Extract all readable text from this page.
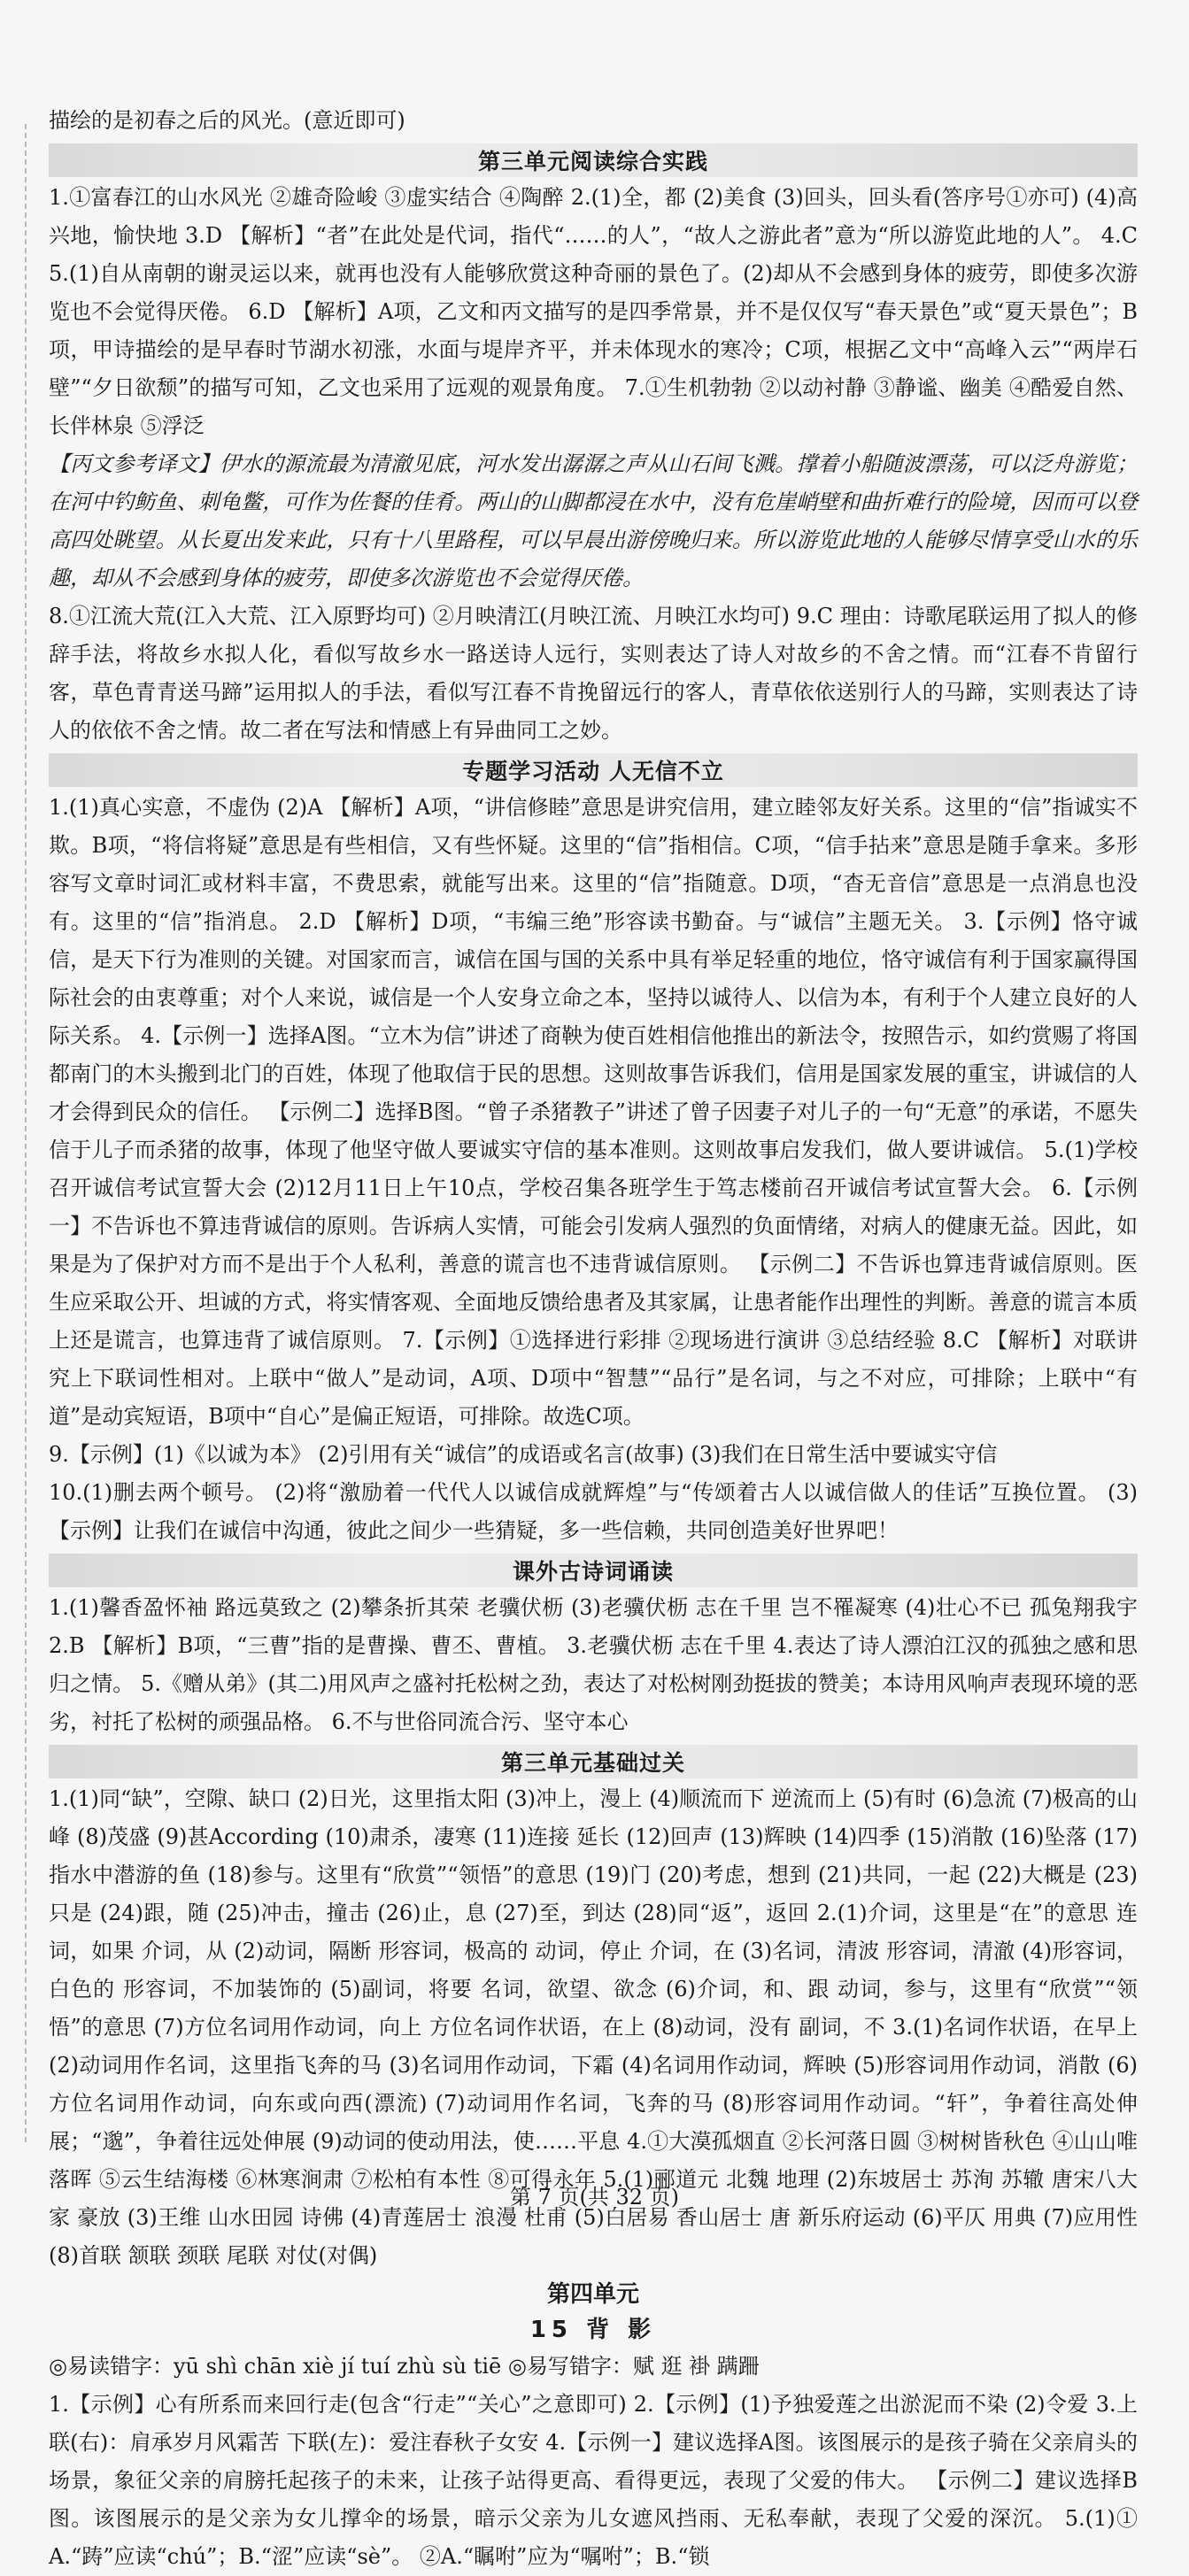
描绘的是初春之后的风光。(意近即可)

第三单元阅读综合实践

1.①富春江的山水风光 ②雄奇险峻 ③虚实结合 ④陶醉 2.(1)全，都 (2)美食 (3)回头，回头看(答序号①亦可) (4)高兴地，愉快地 3.D 【解析】“者”在此处是代词，指代“……的人”，“故人之游此者”意为“所以游览此地的人”。 4.C 5.(1)自从南朝的谢灵运以来，就再也没有人能够欣赏这种奇丽的景色了。(2)却从不会感到身体的疲劳，即使多次游览也不会觉得厌倦。 6.D 【解析】A项，乙文和丙文描写的是四季常景，并不是仅仅写“春天景色”或“夏天景色”；B项，甲诗描绘的是早春时节湖水初涨，水面与堤岸齐平，并未体现水的寒冷；C项，根据乙文中“高峰入云”“两岸石壁”“夕日欲颓”的描写可知，乙文也采用了远观的观景角度。 7.①生机勃勃 ②以动衬静 ③静谧、幽美 ④酷爱自然、长伴林泉 ⑤浮泛

【丙文参考译文】伊水的源流最为清澈见底，河水发出潺潺之声从山石间飞溅。撑着小船随波漂荡，可以泛舟游览；在河中钓鲂鱼、刺龟鳖，可作为佐餐的佳肴。两山的山脚都浸在水中，没有危崖峭壁和曲折难行的险境，因而可以登高四处眺望。从长夏出发来此，只有十八里路程，可以早晨出游傍晚归来。所以游览此地的人能够尽情享受山水的乐趣，却从不会感到身体的疲劳，即使多次游览也不会觉得厌倦。

8.①江流大荒(江入大荒、江入原野均可) ②月映清江(月映江流、月映江水均可) 9.C 理由：诗歌尾联运用了拟人的修辞手法，将故乡水拟人化，看似写故乡水一路送诗人远行，实则表达了诗人对故乡的不舍之情。而“江春不肯留行客，草色青青送马蹄”运用拟人的手法，看似写江春不肯挽留远行的客人，青草依依送别行人的马蹄，实则表达了诗人的依依不舍之情。故二者在写法和情感上有异曲同工之妙。

专题学习活动 人无信不立

1.(1)真心实意，不虚伪 (2)A 【解析】A项，“讲信修睦”意思是讲究信用，建立睦邻友好关系。这里的“信”指诚实不欺。B项，“将信将疑”意思是有些相信，又有些怀疑。这里的“信”指相信。C项，“信手拈来”意思是随手拿来。多形容写文章时词汇或材料丰富，不费思索，就能写出来。这里的“信”指随意。D项，“杳无音信”意思是一点消息也没有。这里的“信”指消息。 2.D 【解析】D项，“韦编三绝”形容读书勤奋。与“诚信”主题无关。 3.【示例】恪守诚信，是天下行为准则的关键。对国家而言，诚信在国与国的关系中具有举足轻重的地位，恪守诚信有利于国家赢得国际社会的由衷尊重；对个人来说，诚信是一个人安身立命之本，坚持以诚待人、以信为本，有利于个人建立良好的人际关系。 4.【示例一】选择A图。“立木为信”讲述了商鞅为使百姓相信他推出的新法令，按照告示，如约赏赐了将国都南门的木头搬到北门的百姓，体现了他取信于民的思想。这则故事告诉我们，信用是国家发展的重宝，讲诚信的人才会得到民众的信任。 【示例二】选择B图。“曾子杀猪教子”讲述了曾子因妻子对儿子的一句“无意”的承诺，不愿失信于儿子而杀猪的故事，体现了他坚守做人要诚实守信的基本准则。这则故事启发我们，做人要讲诚信。 5.(1)学校召开诚信考试宣誓大会 (2)12月11日上午10点，学校召集各班学生于笃志楼前召开诚信考试宣誓大会。 6.【示例一】不告诉也不算违背诚信的原则。告诉病人实情，可能会引发病人强烈的负面情绪，对病人的健康无益。因此，如果是为了保护对方而不是出于个人私利，善意的谎言也不违背诚信原则。 【示例二】不告诉也算违背诚信原则。医生应采取公开、坦诚的方式，将实情客观、全面地反馈给患者及其家属，让患者能作出理性的判断。善意的谎言本质上还是谎言，也算违背了诚信原则。 7.【示例】①选择进行彩排 ②现场进行演讲 ③总结经验 8.C 【解析】对联讲究上下联词性相对。上联中“做人”是动词，A项、D项中“智慧”“品行”是名词，与之不对应，可排除；上联中“有道”是动宾短语，B项中“自心”是偏正短语，可排除。故选C项。

9.【示例】(1)《以诚为本》 (2)引用有关“诚信”的成语或名言(故事) (3)我们在日常生活中要诚实守信

10.(1)删去两个顿号。 (2)将“激励着一代代人以诚信成就辉煌”与“传颂着古人以诚信做人的佳话”互换位置。 (3)【示例】让我们在诚信中沟通，彼此之间少一些猜疑，多一些信赖，共同创造美好世界吧！

课外古诗词诵读

1.(1)馨香盈怀袖 路远莫致之 (2)攀条折其荣 老骥伏枥 (3)老骥伏枥 志在千里 岂不罹凝寒 (4)壮心不已 孤兔翔我宇 2.B 【解析】B项，“三曹”指的是曹操、曹丕、曹植。 3.老骥伏枥 志在千里 4.表达了诗人漂泊江汉的孤独之感和思归之情。 5.《赠从弟》(其二)用风声之盛衬托松树之劲，表达了对松树刚劲挺拔的赞美；本诗用风响声表现环境的恶劣，衬托了松树的顽强品格。 6.不与世俗同流合污、坚守本心

第三单元基础过关

1.(1)同“缺”，空隙、缺口 (2)日光，这里指太阳 (3)冲上，漫上 (4)顺流而下 逆流而上 (5)有时 (6)急流 (7)极高的山峰 (8)茂盛 (9)甚According (10)肃杀，凄寒 (11)连接 延长 (12)回声 (13)辉映 (14)四季 (15)消散 (16)坠落 (17)指水中潜游的鱼 (18)参与。这里有“欣赏”“领悟”的意思 (19)门 (20)考虑，想到 (21)共同，一起 (22)大概是 (23)只是 (24)跟，随 (25)冲击，撞击 (26)止，息 (27)至，到达 (28)同“返”，返回 2.(1)介词，这里是“在”的意思 连词，如果 介词，从 (2)动词，隔断 形容词，极高的 动词，停止 介词，在 (3)名词，清波 形容词，清澈 (4)形容词，白色的 形容词，不加装饰的 (5)副词，将要 名词，欲望、欲念 (6)介词，和、跟 动词，参与，这里有“欣赏”“领悟”的意思 (7)方位名词用作动词，向上 方位名词作状语，在上 (8)动词，没有 副词，不 3.(1)名词作状语，在早上 (2)动词用作名词，这里指飞奔的马 (3)名词用作动词，下霜 (4)名词用作动词，辉映 (5)形容词用作动词，消散 (6)方位名词用作动词，向东或向西(漂流) (7)动词用作名词，飞奔的马 (8)形容词用作动词。“轩”，争着往高处伸展；“邈”，争着往远处伸展 (9)动词的使动用法，使……平息 4.①大漠孤烟直 ②长河落日圆 ③树树皆秋色 ④山山唯落晖 ⑤云生结海楼 ⑥林寒涧肃 ⑦松柏有本性 ⑧可得永年 5.(1)郦道元 北魏 地理 (2)东坡居士 苏洵 苏辙 唐宋八大家 豪放 (3)王维 山水田园 诗佛 (4)青莲居士 浪漫 杜甫 (5)白居易 香山居士 唐 新乐府运动 (6)平仄 用典 (7)应用性 (8)首联 颔联 颈联 尾联 对仗(对偶)

第四单元
15 背 影

◎易读错字：yū shì chān xiè jí tuí zhù sù tiē ◎易写错字：赋 逛 褂 蹒跚

1.【示例】心有所系而来回行走(包含“行走”“关心”之意即可) 2.【示例】(1)予独爱莲之出淤泥而不染 (2)令爱 3.上联(右)：肩承岁月风霜苦 下联(左)：爱注春秋子女安 4.【示例一】建议选择A图。该图展示的是孩子骑在父亲肩头的场景，象征父亲的肩膀托起孩子的未来，让孩子站得更高、看得更远，表现了父爱的伟大。 【示例二】建议选择B图。该图展示的是父亲为女儿撑伞的场景，暗示父亲为儿女遮风挡雨、无私奉献，表现了父爱的深沉。 5.(1)①A.“踌”应读“chú”；B.“涩”应读“sè”。 ②A.“瞩咐”应为“嘱咐”；B.“锁

第 7 页(共 32 页)
